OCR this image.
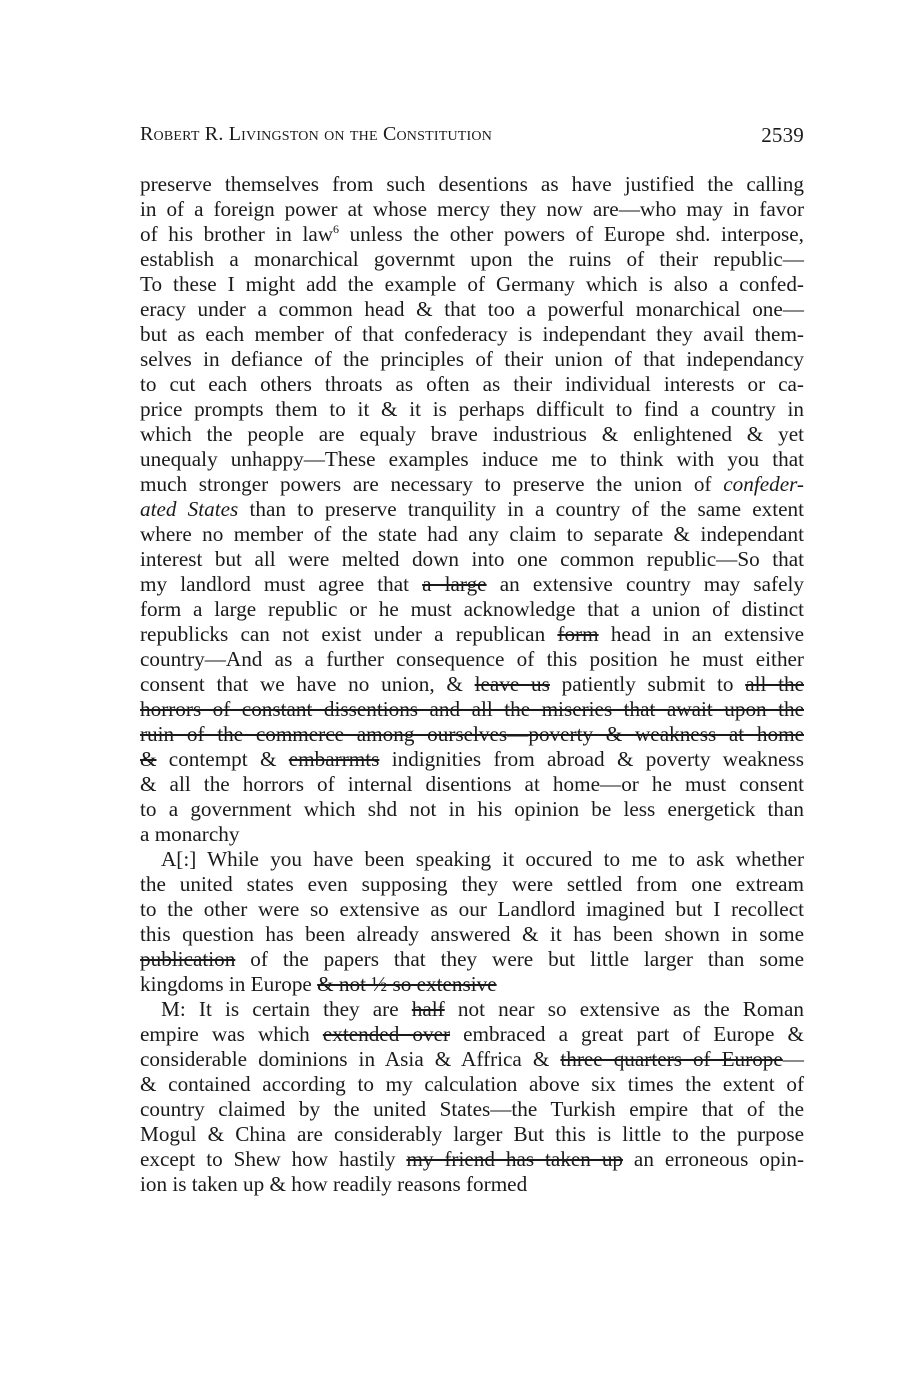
Robert R. Livingston on the Constitution	2539
preserve themselves from such desentions as have justified the calling
in of a foreign power at whose mercy they now are—who may in favor
of his brother in law$^6$ unless the other powers of Europe shd. interpose,
establish a monarchical governmt upon the ruins of their republic—
To these I might add the example of Germany which is also a confed-
eracy under a common head & that too a powerful monarchical one—
but as each member of that confederacy is independant they avail them-
selves in defiance of the principles of their union of that independancy
to cut each others throats as often as their individual interests or ca-
price prompts them to it & it is perhaps difficult to find a country in
which the people are equaly brave industrious & enlightened & yet
unequaly unhappy—These examples induce me to think with you that
much stronger powers are necessary to preserve the union of confeder-
ated States than to preserve tranquility in a country of the same extent
where no member of the state had any claim to separate & independant
interest but all were melted down into one common republic—So that
my landlord must agree that a large an extensive country may safely
form a large republic or he must acknowledge that a union of distinct
republicks can not exist under a republican form head in an extensive
country—And as a further consequence of this position he must either
consent that we have no union, & leave us patiently submit to all the
horrors of constant dissentions and all the miseries that await upon the
ruin of the commerce among ourselves—poverty & weakness at home
& contempt & embarrmts indignities from abroad & poverty weakness
& all the horrors of internal disentions at home—or he must consent
to a government which shd not in his opinion be less energetick than
a monarchy
A[:] While you have been speaking it occured to me to ask whether
the united states even supposing they were settled from one extream
to the other were so extensive as our Landlord imagined but I recollect
this question has been already answered & it has been shown in some
publication of the papers that they were but little larger than some
kingdoms in Europe & not ½ so extensive
M: It is certain they are half not near so extensive as the Roman
empire was which extended over embraced a great part of Europe &
considerable dominions in Asia & Affrica & three quarters of Europe—
& contained according to my calculation above six times the extent of
country claimed by the united States—the Turkish empire that of the
Mogul & China are considerably larger But this is little to the purpose
except to Shew how hastily my friend has taken up an erroneous opin-
ion is taken up & how readily reasons formed
